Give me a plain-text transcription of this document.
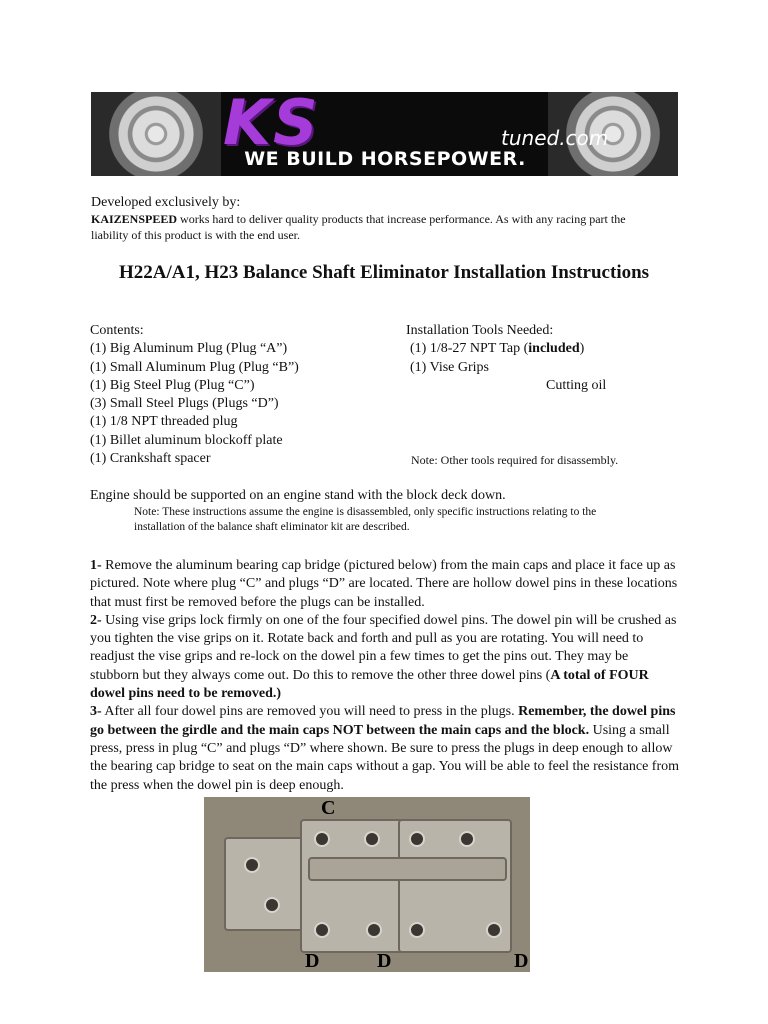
KS	tuned.com
WE BUILD HORSEPOWER.
Developed exclusively by:
KAIZENSPEED works hard to deliver quality products that increase performance. As with any racing part the
liability of this product is with the end user.
H22A/A1, H23 Balance Shaft Eliminator Installation Instructions
Contents:
(1) Big Aluminum Plug (Plug “A”)
(1) Small Aluminum Plug (Plug “B”)
(1) Big Steel Plug (Plug “C”)
(3) Small Steel Plugs (Plugs “D”)
(1) 1/8 NPT threaded plug
(1) Billet aluminum blockoff plate
(1) Crankshaft spacer
Installation Tools Needed:
(1) 1/8-27 NPT Tap (included)
(1) Vise Grips
Cutting oil
Note: Other tools required for disassembly.
Engine should be supported on an engine stand with the block deck down.
Note: These instructions assume the engine is disassembled, only specific instructions relating to the
installation of the balance shaft eliminator kit are described.

1- Remove the aluminum bearing cap bridge (pictured below) from the main caps and place it face up as pictured. Note where plug “C” and plugs “D” are located. There are hollow dowel pins in these locations that must first be removed before the plugs can be installed.

2- Using vise grips lock firmly on one of the four specified dowel pins. The dowel pin will be crushed as you tighten the vise grips on it. Rotate back and forth and pull as you are rotating. You will need to readjust the vise grips and re-lock on the dowel pin a few times to get the pins out. They may be stubborn but they always come out. Do this to remove the other three dowel pins (A total of FOUR dowel pins need to be removed.)

3- After all four dowel pins are removed you will need to press in the plugs. Remember, the dowel pins go between the girdle and the main caps NOT between the main caps and the block. Using a small press, press in plug “C” and plugs “D” where shown. Be sure to press the plugs in deep enough to allow the bearing cap bridge to seat on the main caps without a gap. You will be able to feel the resistance from the press when the dowel pin is deep enough.

C
D	D	D
